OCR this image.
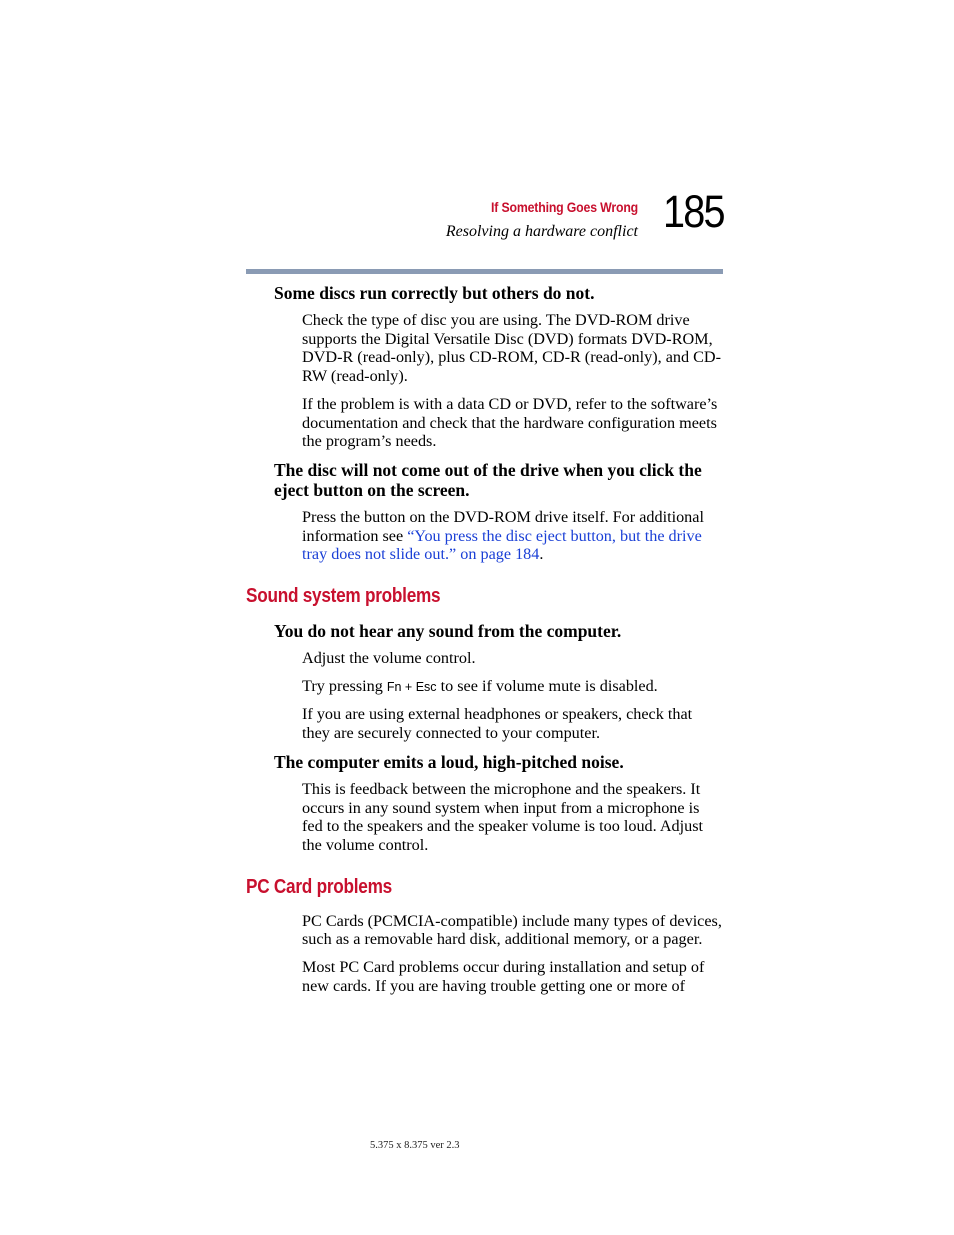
If Something Goes Wrong
Resolving a hardware conflict 185
Some discs run correctly but others do not.
Check the type of disc you are using. The DVD-ROM drive supports the Digital Versatile Disc (DVD) formats DVD-ROM, DVD-R (read-only), plus CD-ROM, CD-R (read-only), and CD-RW (read-only).
If the problem is with a data CD or DVD, refer to the software’s documentation and check that the hardware configuration meets the program’s needs.
The disc will not come out of the drive when you click the eject button on the screen.
Press the button on the DVD-ROM drive itself. For additional information see “You press the disc eject button, but the drive tray does not slide out.” on page 184.
Sound system problems
You do not hear any sound from the computer.
Adjust the volume control.
Try pressing Fn + Esc to see if volume mute is disabled.
If you are using external headphones or speakers, check that they are securely connected to your computer.
The computer emits a loud, high-pitched noise.
This is feedback between the microphone and the speakers. It occurs in any sound system when input from a microphone is fed to the speakers and the speaker volume is too loud. Adjust the volume control.
PC Card problems
PC Cards (PCMCIA-compatible) include many types of devices, such as a removable hard disk, additional memory, or a pager.
Most PC Card problems occur during installation and setup of new cards. If you are having trouble getting one or more of
5.375 x 8.375 ver 2.3
